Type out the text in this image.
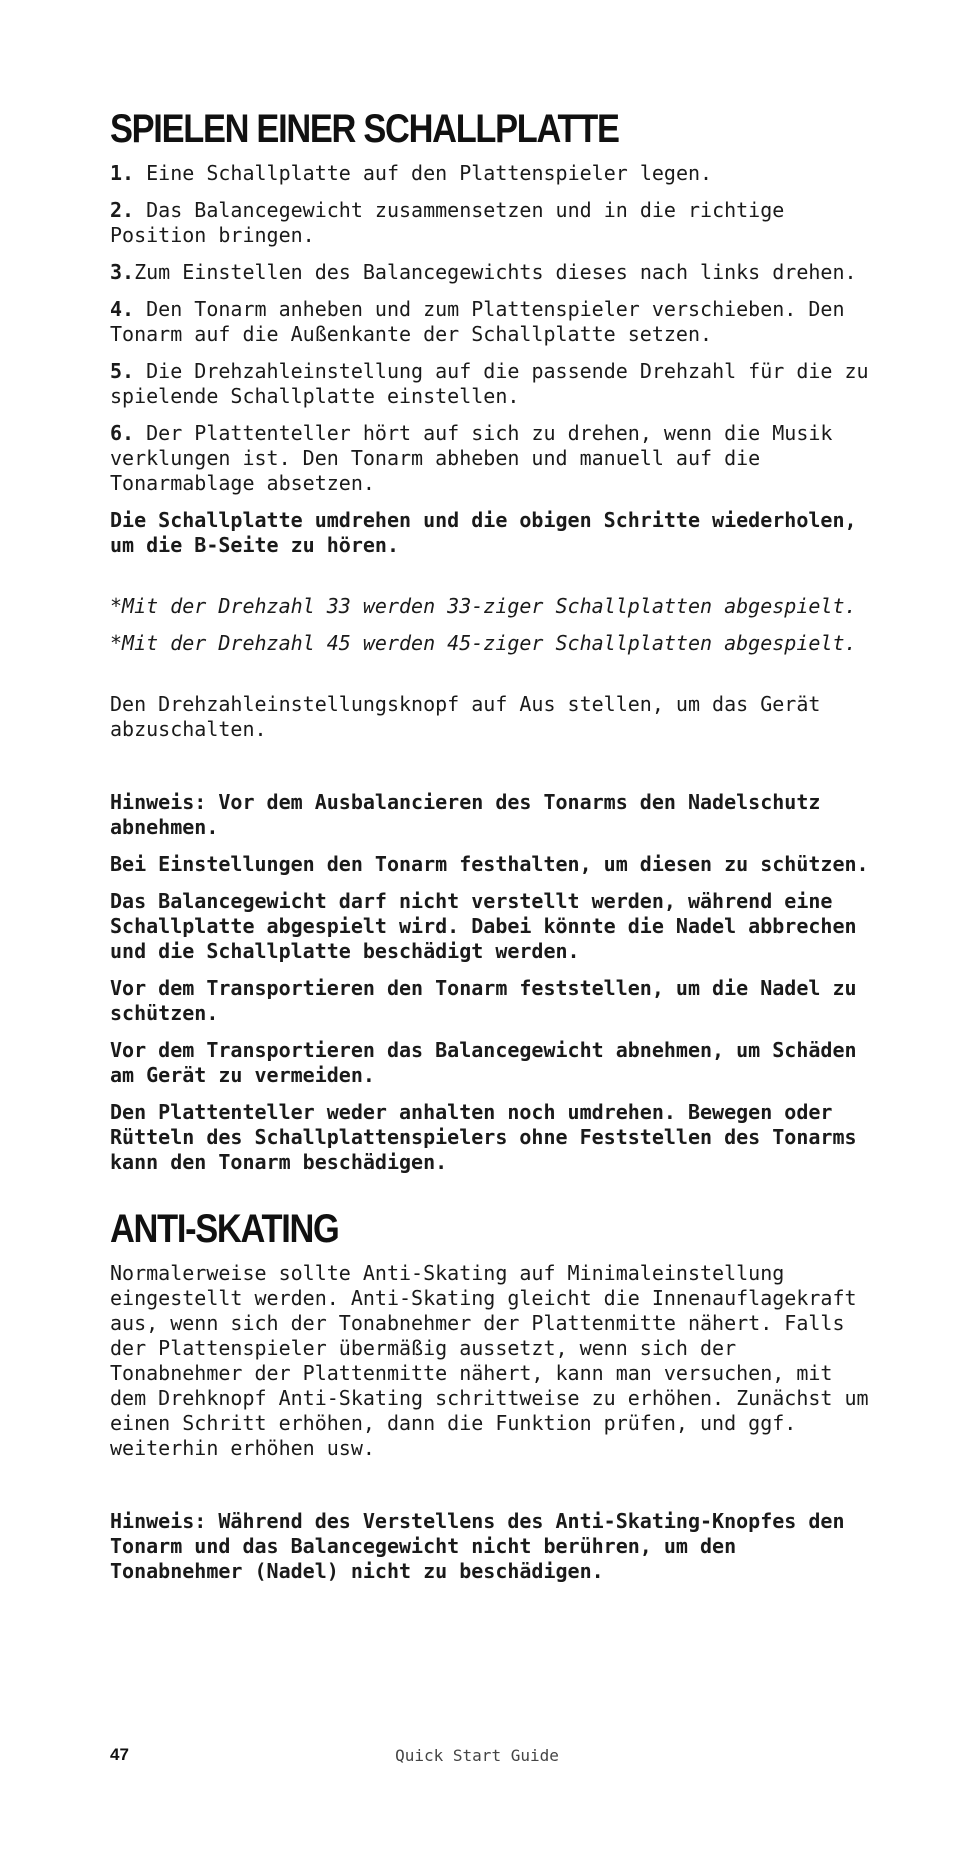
SPIELEN EINER SCHALLPLATTE

1. Eine Schallplatte auf den Plattenspieler legen.

2. Das Balancegewicht zusammensetzen und in die richtige Position bringen.

3.Zum Einstellen des Balancegewichts dieses nach links drehen.

4. Den Tonarm anheben und zum Plattenspieler verschieben. Den Tonarm auf die Außenkante der Schallplatte setzen.

5. Die Drehzahleinstellung auf die passende Drehzahl für die zu spielende Schallplatte einstellen.

6. Der Plattenteller hört auf sich zu drehen, wenn die Musik verklungen ist. Den Tonarm abheben und manuell auf die Tonarmablage absetzen.

Die Schallplatte umdrehen und die obigen Schritte wiederholen, um die B-Seite zu hören.

*Mit der Drehzahl 33 werden 33-ziger Schallplatten abgespielt.

*Mit der Drehzahl 45 werden 45-ziger Schallplatten abgespielt.

Den Drehzahleinstellungsknopf auf Aus stellen, um das Gerät abzuschalten.

Hinweis: Vor dem Ausbalancieren des Tonarms den Nadelschutz abnehmen.

Bei Einstellungen den Tonarm festhalten, um diesen zu schützen.

Das Balancegewicht darf nicht verstellt werden, während eine Schallplatte abgespielt wird. Dabei könnte die Nadel abbrechen und die Schallplatte beschädigt werden.

Vor dem Transportieren den Tonarm feststellen, um die Nadel zu schützen.

Vor dem Transportieren das Balancegewicht abnehmen, um Schäden am Gerät zu vermeiden.

Den Plattenteller weder anhalten noch umdrehen. Bewegen oder Rütteln des Schallplattenspielers ohne Feststellen des Tonarms kann den Tonarm beschädigen.

ANTI-SKATING

Normalerweise sollte Anti-Skating auf Minimaleinstellung eingestellt werden. Anti-Skating gleicht die Innenauflagekraft aus, wenn sich der Tonabnehmer der Plattenmitte nähert. Falls der Plattenspieler übermäßig aussetzt, wenn sich der Tonabnehmer der Plattenmitte nähert, kann man versuchen, mit dem Drehknopf Anti-Skating schrittweise zu erhöhen. Zunächst um einen Schritt erhöhen, dann die Funktion prüfen, und ggf. weiterhin erhöhen usw.

Hinweis: Während des Verstellens des Anti-Skating-Knopfes den Tonarm und das Balancegewicht nicht berühren, um den Tonabnehmer (Nadel) nicht zu beschädigen.

47	Quick Start Guide
